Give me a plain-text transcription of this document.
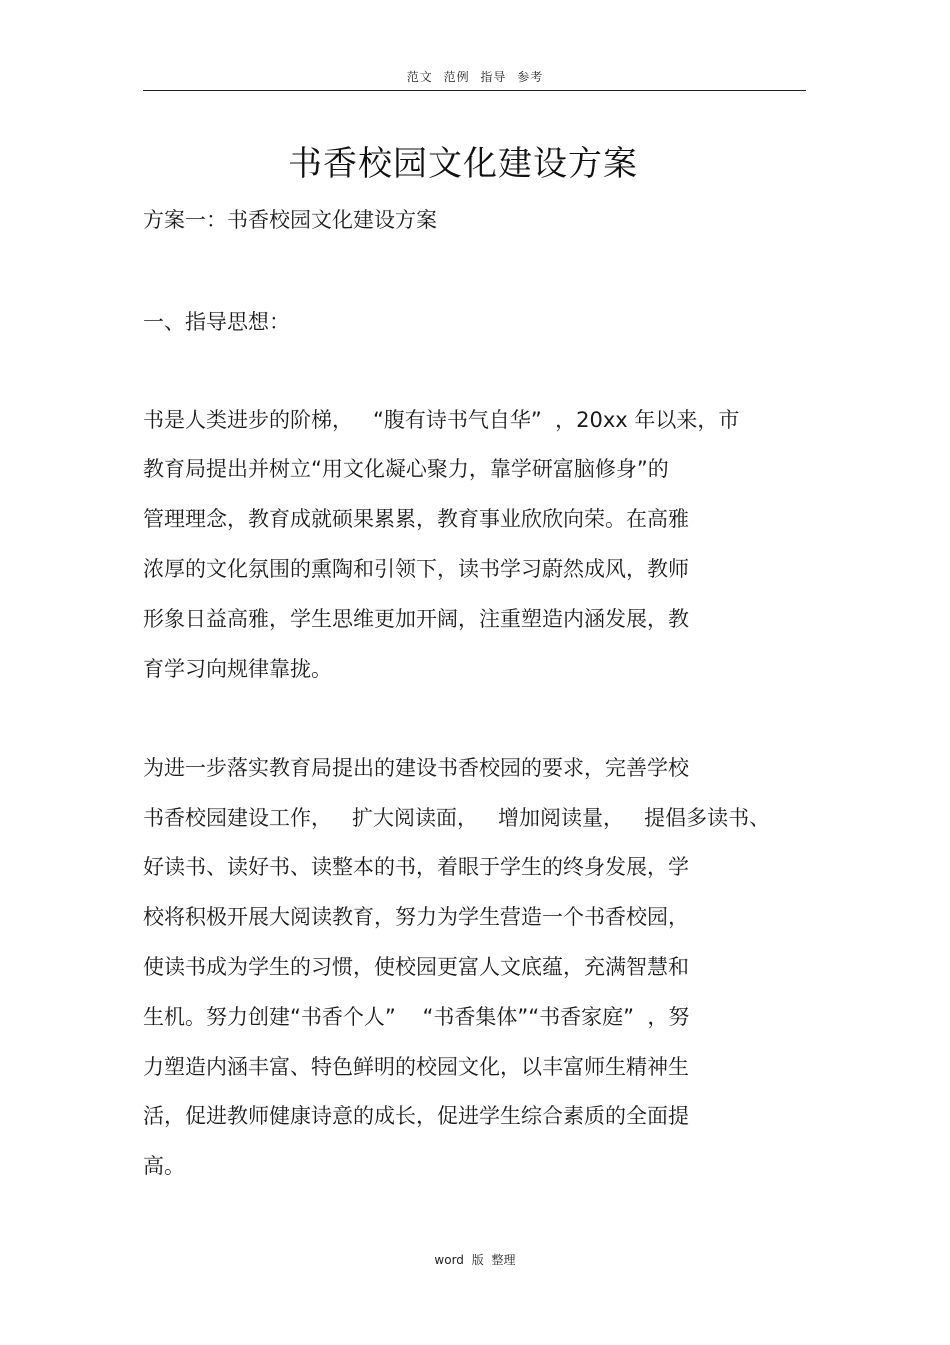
范文 范例 指导 参考
书香校园文化建设方案
方案一：书香校园文化建设方案
一、指导思想：
书是人类进步的阶梯，   “腹有诗书气自华”  ，20xx 年以来，市
教育局提出并树立“用文化凝心聚力，靠学研富脑修身”的
管理理念，教育成就硕果累累，教育事业欣欣向荣。在高雅
浓厚的文化氛围的熏陶和引领下，读书学习蔚然成风，教师
形象日益高雅，学生思维更加开阔，注重塑造内涵发展，教
育学习向规律靠拢。
为进一步落实教育局提出的建设书香校园的要求，完善学校
书香校园建设工作，   扩大阅读面，   增加阅读量，   提倡多读书、
好读书、读好书、读整本的书，着眼于学生的终身发展，学
校将积极开展大阅读教育，努力为学生营造一个书香校园，
使读书成为学生的习惯，使校园更富人文底蕴，充满智慧和
生机。努力创建“书香个人”    “书香集体”“书香家庭”  ，努
力塑造内涵丰富、特色鲜明的校园文化，以丰富师生精神生
活，促进教师健康诗意的成长，促进学生综合素质的全面提
高。
word 版 整理
